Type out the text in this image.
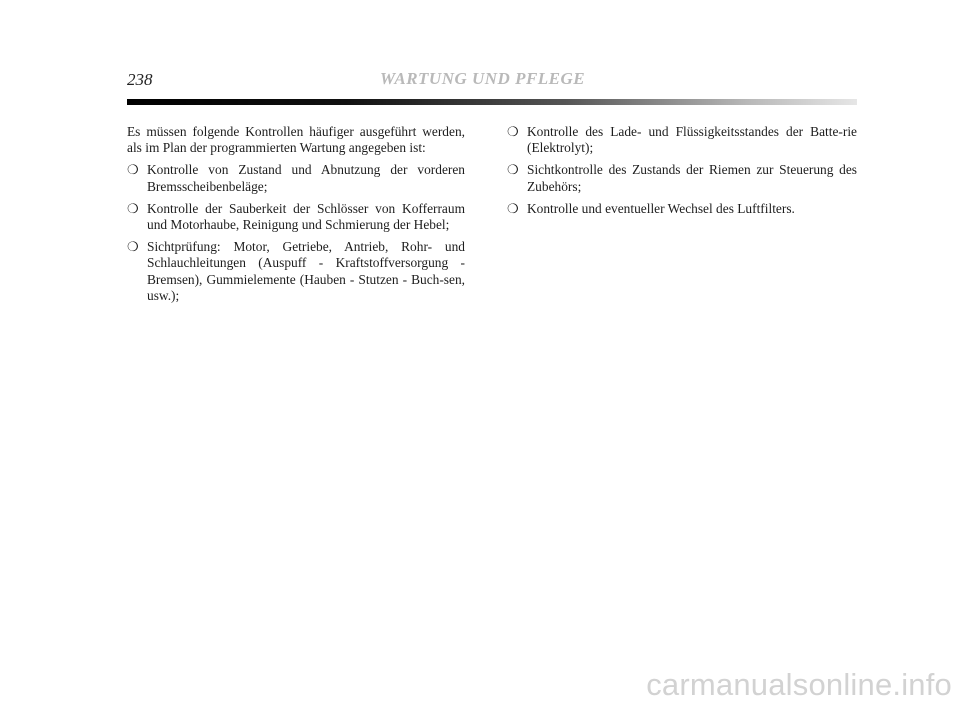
238	WARTUNG UND PFLEGE

Es müssen folgende Kontrollen häufiger ausgeführt werden, als im Plan der programmierten Wartung angegeben ist:

❍ Kontrolle von Zustand und Abnutzung der vorderen Bremsscheibenbeläge;
❍ Kontrolle der Sauberkeit der Schlösser von Kofferraum und Motorhaube, Reinigung und Schmierung der Hebel;
❍ Sichtprüfung: Motor, Getriebe, Antrieb, Rohr- und Schlauchleitungen (Auspuff - Kraftstoffversorgung - Bremsen), Gummielemente (Hauben - Stutzen - Buch-sen, usw.);
❍ Kontrolle des Lade- und Flüssigkeitsstandes der Batte-rie (Elektrolyt);
❍ Sichtkontrolle des Zustands der Riemen zur Steuerung des Zubehörs;
❍ Kontrolle und eventueller Wechsel des Luftfilters.
carmanualsonline.info
